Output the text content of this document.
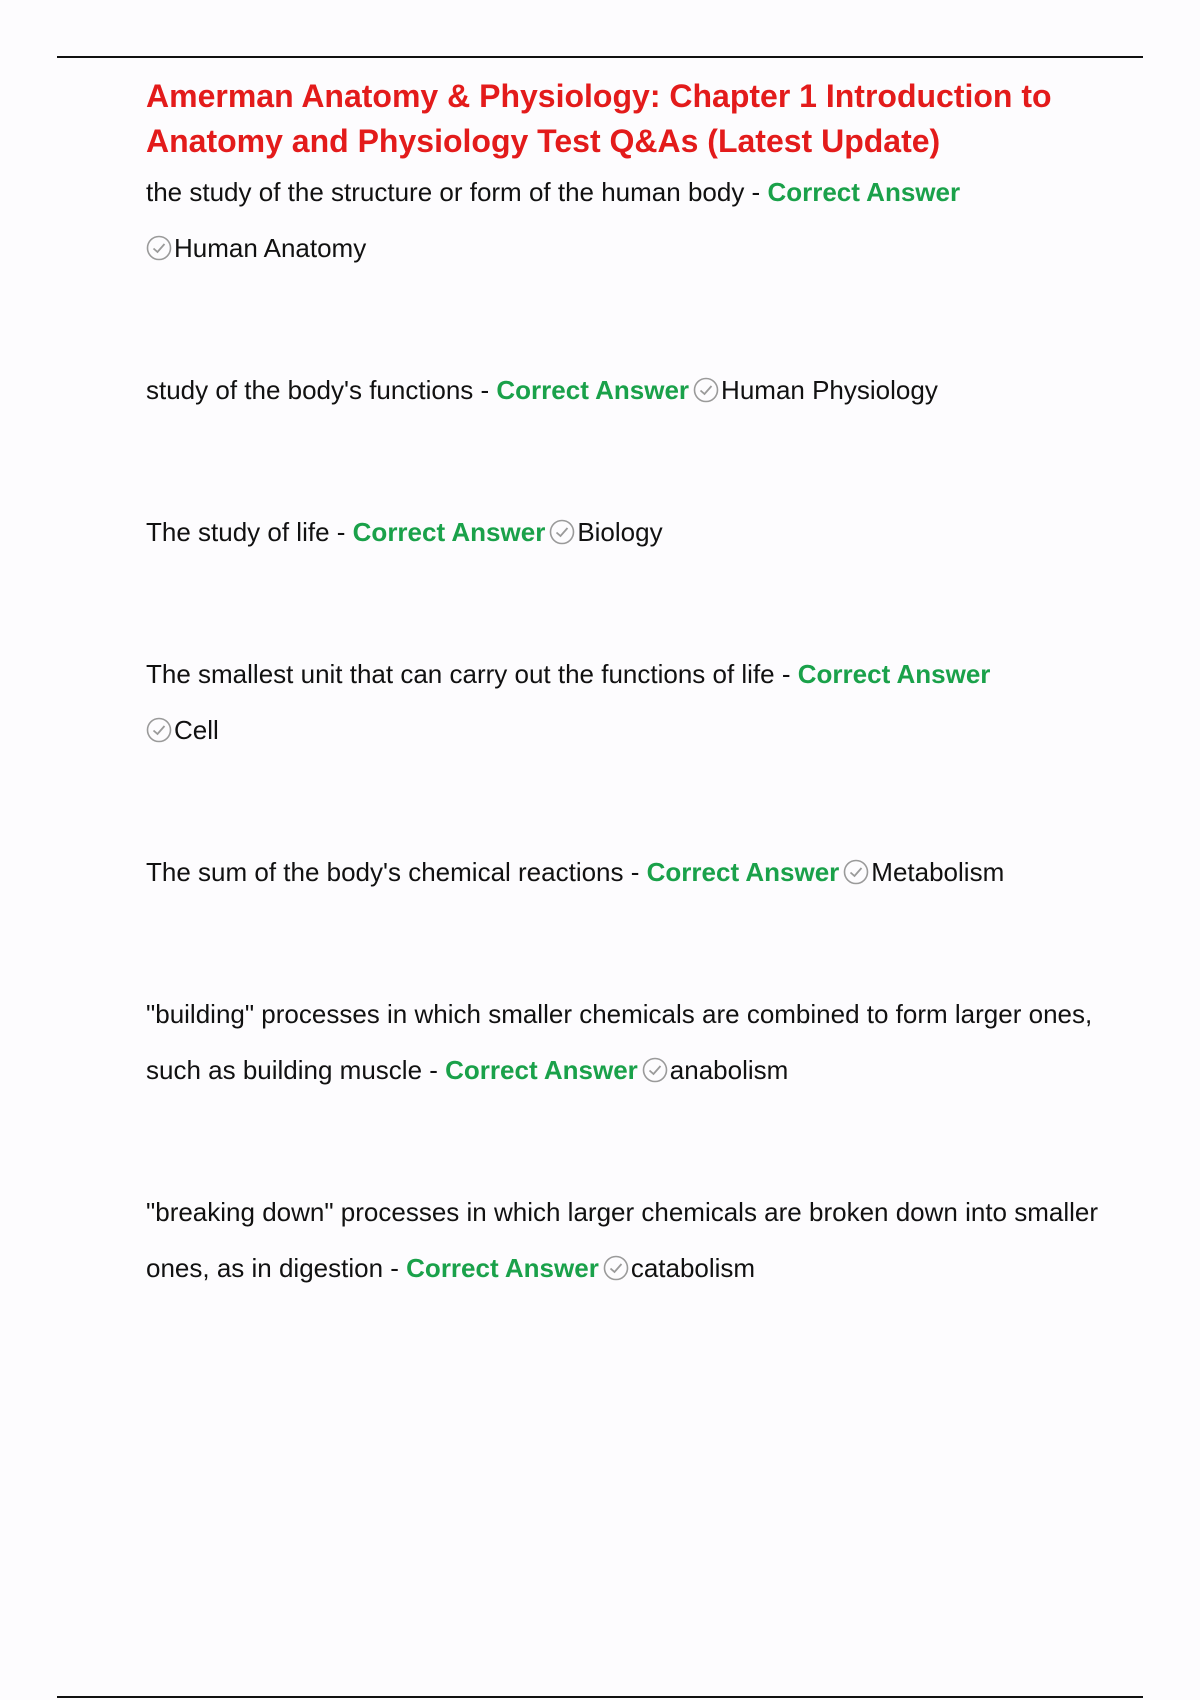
Amerman Anatomy & Physiology: Chapter 1 Introduction to Anatomy and Physiology Test Q&As (Latest Update)

the study of the structure or form of the human body - Correct Answer
Human Anatomy

study of the body's functions - Correct Answer Human Physiology

The study of life - Correct Answer Biology

The smallest unit that can carry out the functions of life - Correct Answer
Cell

The sum of the body's chemical reactions - Correct Answer Metabolism

"building" processes in which smaller chemicals are combined to form larger ones, such as building muscle - Correct Answer anabolism

"breaking down" processes in which larger chemicals are broken down into smaller ones, as in digestion - Correct Answer catabolism
